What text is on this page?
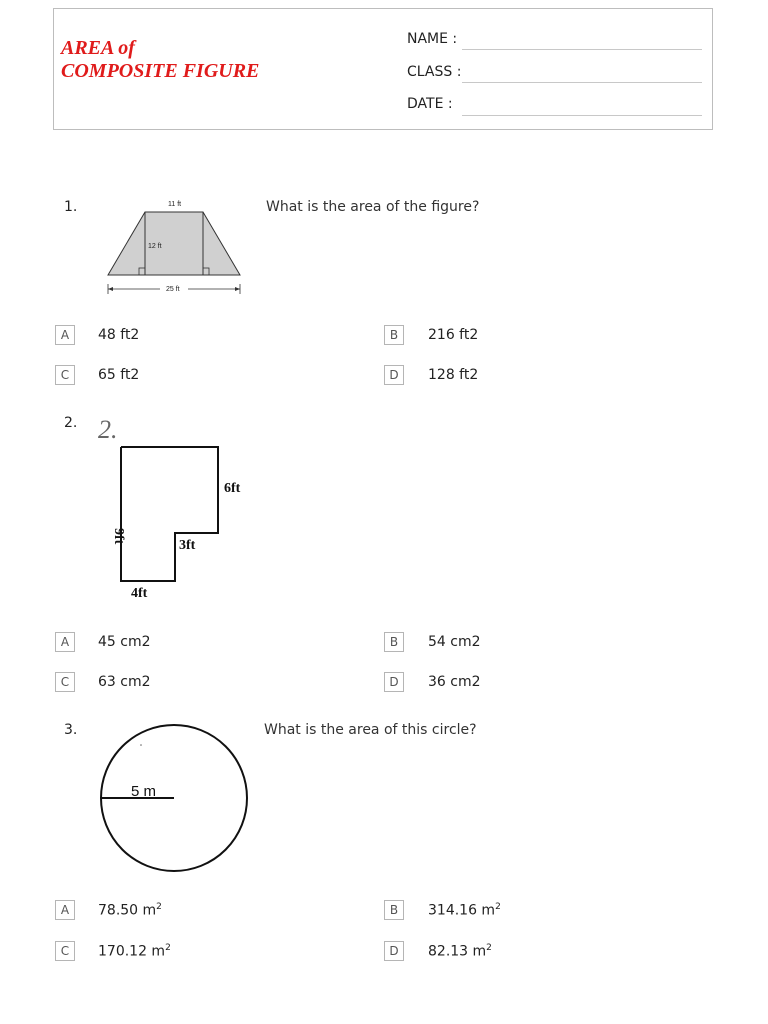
AREA of
COMPOSITE FIGURE
NAME :
CLASS :
DATE :
1.	11 ft
12 ft
25 ft
What is the area of the figure?
A	48 ft2	B	216 ft2
C	65 ft2	D	128 ft2
2. 2.
6ft
3ft
4ft
9ft
A	45 cm2	B	54 cm2
C	63 cm2	D	36 cm2
3.
5 m
What is the area of this circle?
A	78.50 $m^2$	B	314.16 $m^2$
C	170.12 $m^2$	D	82.13 $m^2$
